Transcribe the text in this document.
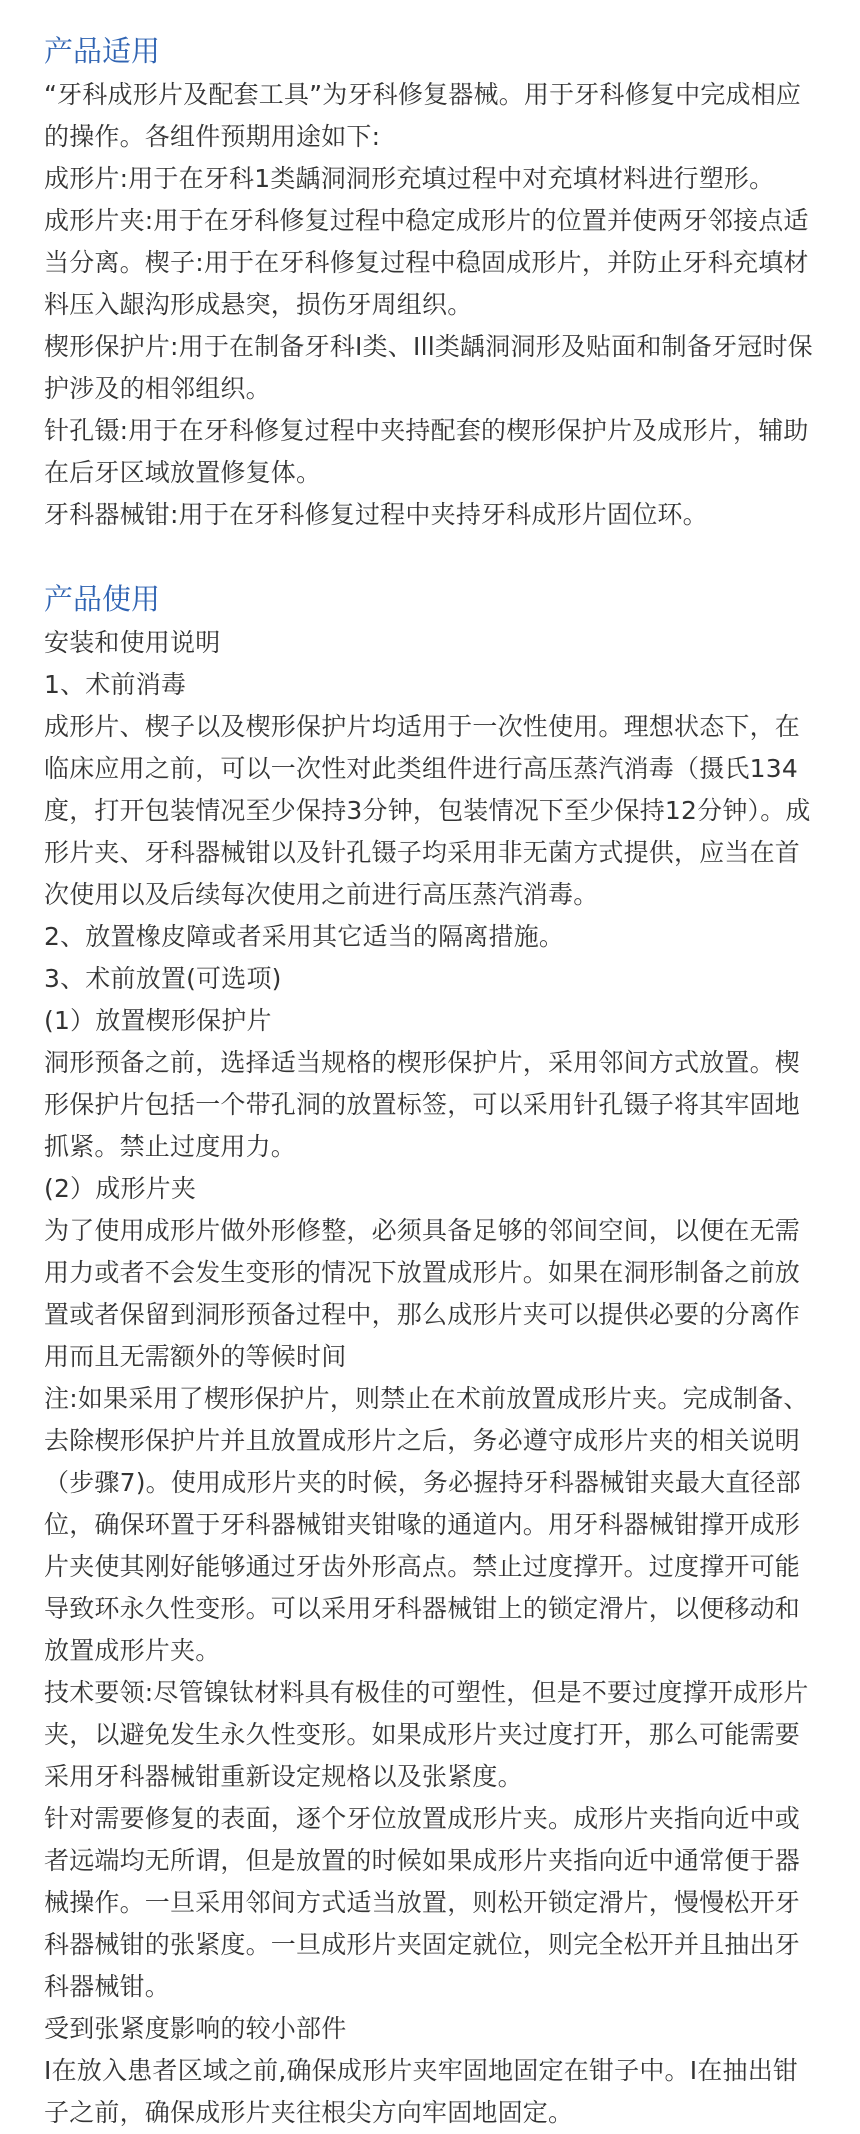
产品适用

“牙科成形片及配套工具”为牙科修复器械。用于牙科修复中完成相应的操作。各组件预期用途如下:

成形片:用于在牙科1类龋洞洞形充填过程中对充填材料进行塑形。

成形片夹:用于在牙科修复过程中稳定成形片的位置并使两牙邻接点适当分离。楔子:用于在牙科修复过程中稳固成形片，并防止牙科充填材料压入龈沟形成悬突，损伤牙周组织。

楔形保护片:用于在制备牙科I类、Ill类龋洞洞形及贴面和制备牙冠时保护涉及的相邻组织。

针孔镊:用于在牙科修复过程中夹持配套的楔形保护片及成形片，辅助在后牙区域放置修复体。

牙科器械钳:用于在牙科修复过程中夹持牙科成形片固位环。

产品使用

安装和使用说明

1、术前消毒

成形片、楔子以及楔形保护片均适用于一次性使用。理想状态下，在临床应用之前，可以一次性对此类组件进行高压蒸汽消毒（摄氏134度，打开包装情况至少保持3分钟，包装情况下至少保持12分钟）。成形片夹、牙科器械钳以及针孔镊子均采用非无菌方式提供，应当在首次使用以及后续每次使用之前进行高压蒸汽消毒。

2、放置橡皮障或者采用其它适当的隔离措施。

3、术前放置(可选项)

(1）放置楔形保护片

洞形预备之前，选择适当规格的楔形保护片，采用邻间方式放置。楔形保护片包括一个带孔洞的放置标签，可以采用针孔镊子将其牢固地抓紧。禁止过度用力。

(2）成形片夹

为了使用成形片做外形修整，必须具备足够的邻间空间，以便在无需用力或者不会发生变形的情况下放置成形片。如果在洞形制备之前放置或者保留到洞形预备过程中，那么成形片夹可以提供必要的分离作用而且无需额外的等候时间

注:如果采用了楔形保护片，则禁止在术前放置成形片夹。完成制备、去除楔形保护片并且放置成形片之后，务必遵守成形片夹的相关说明（步骤7)。使用成形片夹的时候，务必握持牙科器械钳夹最大直径部位，确保环置于牙科器械钳夹钳喙的通道内。用牙科器械钳撑开成形片夹使其刚好能够通过牙齿外形高点。禁止过度撑开。过度撑开可能导致环永久性变形。可以采用牙科器械钳上的锁定滑片，以便移动和放置成形片夹。

技术要领:尽管镍钛材料具有极佳的可塑性，但是不要过度撑开成形片夹，以避免发生永久性变形。如果成形片夹过度打开，那么可能需要采用牙科器械钳重新设定规格以及张紧度。

针对需要修复的表面，逐个牙位放置成形片夹。成形片夹指向近中或者远端均无所谓，但是放置的时候如果成形片夹指向近中通常便于器械操作。一旦采用邻间方式适当放置，则松开锁定滑片，慢慢松开牙科器械钳的张紧度。一旦成形片夹固定就位，则完全松开并且抽出牙科器械钳。

受到张紧度影响的较小部件

I在放入患者区域之前,确保成形片夹牢固地固定在钳子中。I在抽出钳子之前，确保成形片夹往根尖方向牢固地固定。
